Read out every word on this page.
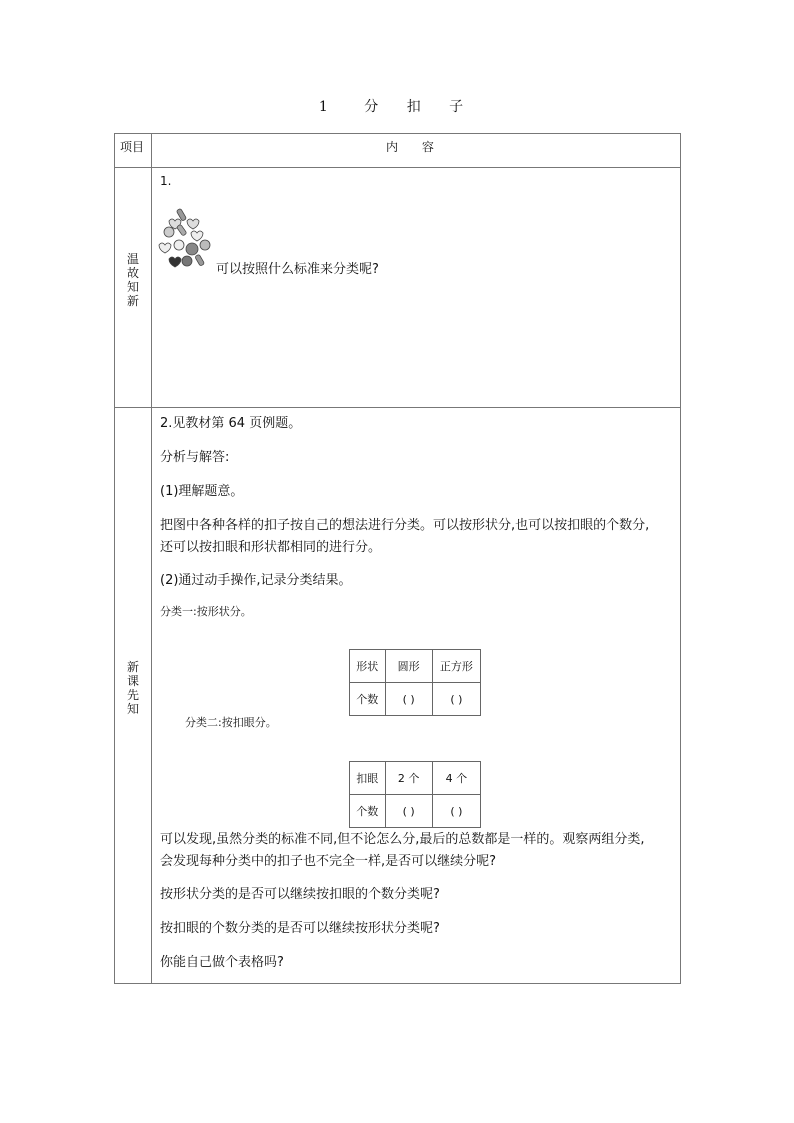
1 分 扣 子
项目	内 容
温故知新
1.
可以按照什么标准来分类呢?
新课先知
2.见教材第 64 页例题。
分析与解答:
(1)理解题意。
把图中各种各样的扣子按自己的想法进行分类。可以按形状分,也可以按扣眼的个数分,
还可以按扣眼和形状都相同的进行分。
(2)通过动手操作,记录分类结果。
分类一:按形状分。
形状	圆形	正方形
个数	( )	( )
分类二:按扣眼分。
扣眼	2 个	4 个
个数	( )	( )
可以发现,虽然分类的标准不同,但不论怎么分,最后的总数都是一样的。观察两组分类,
会发现每种分类中的扣子也不完全一样,是否可以继续分呢?
按形状分类的是否可以继续按扣眼的个数分类呢?
按扣眼的个数分类的是否可以继续按形状分类呢?
你能自己做个表格吗?
